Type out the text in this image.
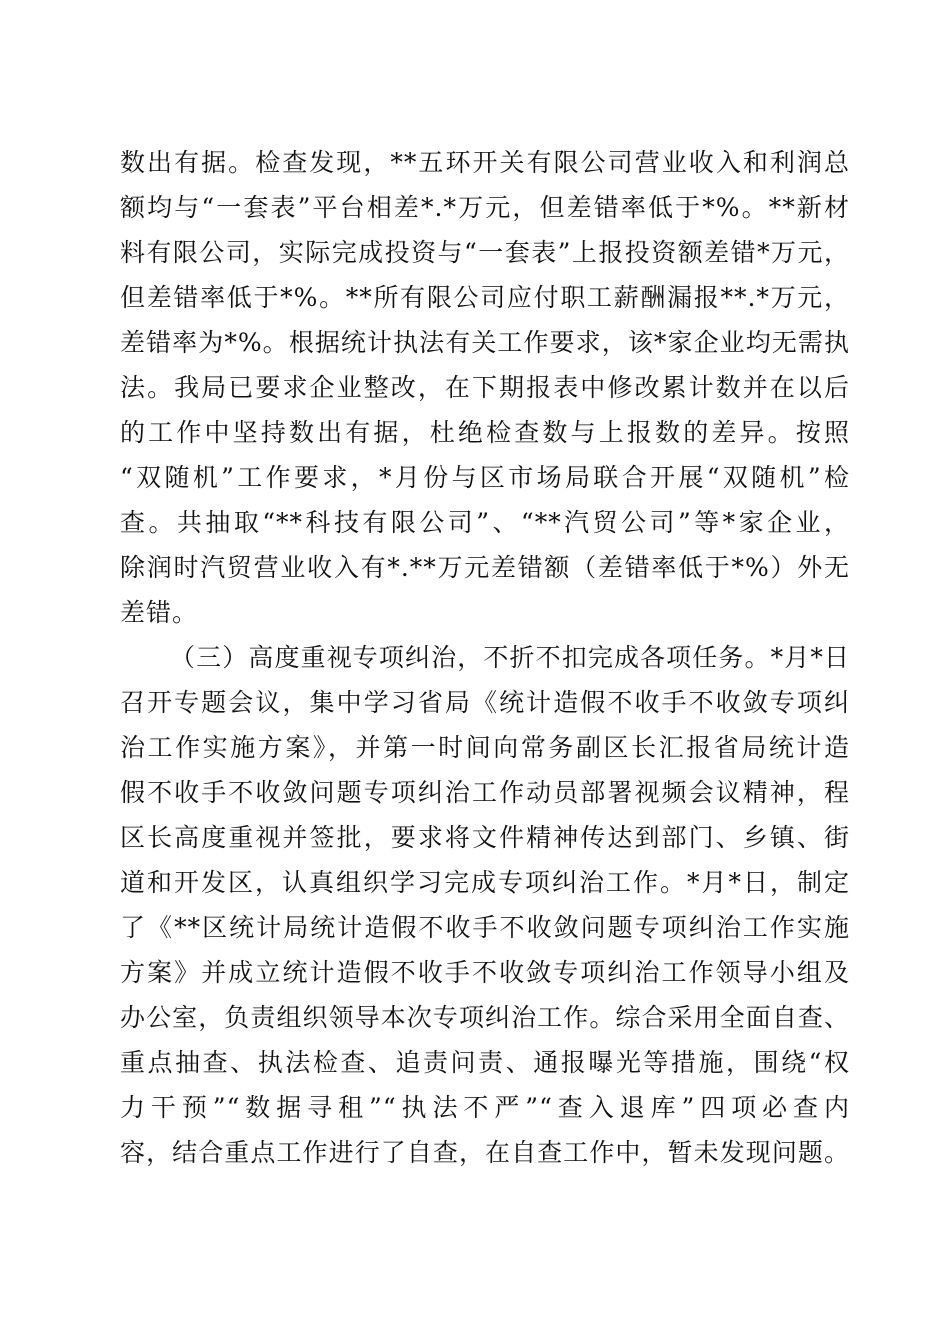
数出有据。检查发现，**五环开关有限公司营业收入和利润总
额均与“一套表”平台相差*.*万元，但差错率低于*%。**新材
料有限公司，实际完成投资与“一套表”上报投资额差错*万元，
但差错率低于*%。**所有限公司应付职工薪酬漏报**.*万元，
差错率为*%。根据统计执法有关工作要求，该*家企业均无需执
法。我局已要求企业整改，在下期报表中修改累计数并在以后
的工作中坚持数出有据，杜绝检查数与上报数的差异。按照
“双随机”工作要求，*月份与区市场局联合开展“双随机”检
查。共抽取“**科技有限公司”、“**汽贸公司”等*家企业，
除润时汽贸营业收入有*.**万元差错额（差错率低于*%）外无
差错。
（三）高度重视专项纠治，不折不扣完成各项任务。*月*日
召开专题会议，集中学习省局《统计造假不收手不收敛专项纠
治工作实施方案》，并第一时间向常务副区长汇报省局统计造
假不收手不收敛问题专项纠治工作动员部署视频会议精神，程
区长高度重视并签批，要求将文件精神传达到部门、乡镇、街
道和开发区，认真组织学习完成专项纠治工作。*月*日，制定
了《**区统计局统计造假不收手不收敛问题专项纠治工作实施
方案》并成立统计造假不收手不收敛专项纠治工作领导小组及
办公室，负责组织领导本次专项纠治工作。综合采用全面自查、
重点抽查、执法检查、追责问责、通报曝光等措施，围绕“权
力干预”“数据寻租”“执法不严”“查入退库”四项必查内
容，结合重点工作进行了自查，在自查工作中，暂未发现问题。
